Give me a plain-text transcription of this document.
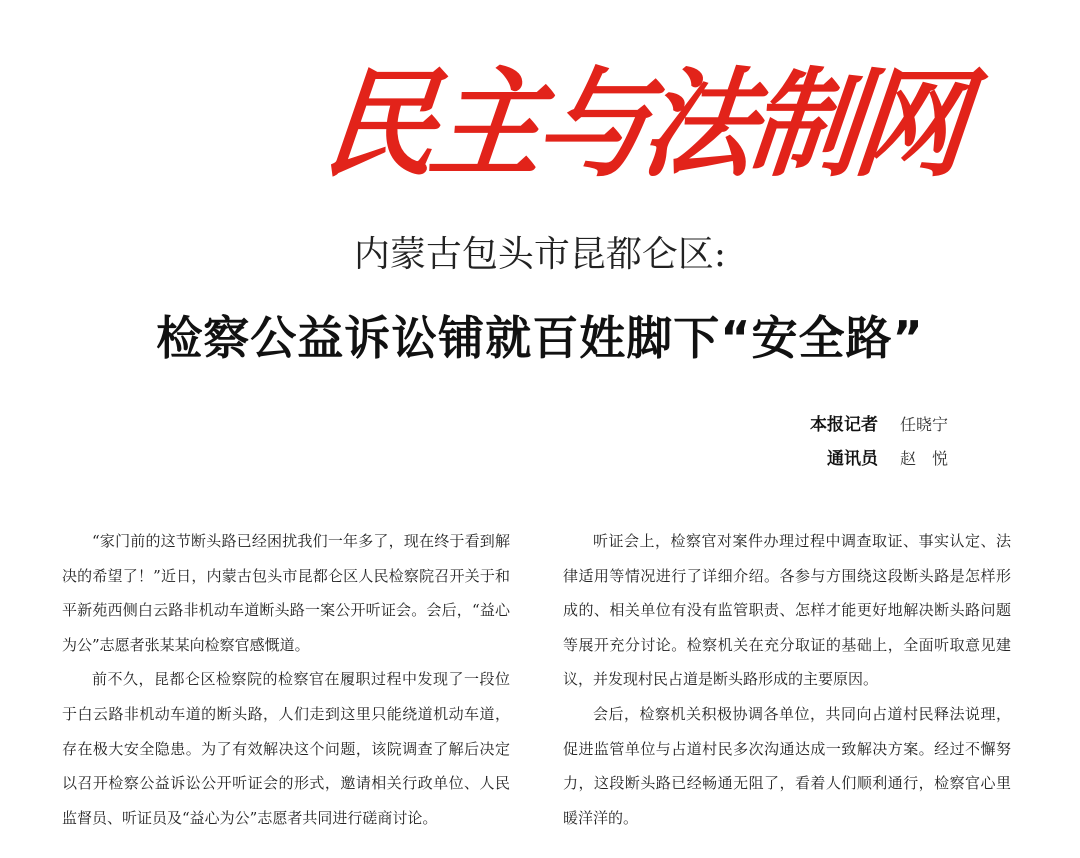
民主与法制网
内蒙古包头市昆都仑区:
检察公益诉讼铺就百姓脚下“安全路”
本报记者 任晓宁
通讯员 赵　悦

“家门前的这节断头路已经困扰我们一年多了，现在终于看到解决的希望了！”近日，内蒙古包头市昆都仑区人民检察院召开关于和平新苑西侧白云路非机动车道断头路一案公开听证会。会后，“益心为公”志愿者张某某向检察官感慨道。

前不久，昆都仑区检察院的检察官在履职过程中发现了一段位于白云路非机动车道的断头路，人们走到这里只能绕道机动车道，存在极大安全隐患。为了有效解决这个问题，该院调查了解后决定以召开检察公益诉讼公开听证会的形式，邀请相关行政单位、人民监督员、听证员及“益心为公”志愿者共同进行磋商讨论。

听证会上，检察官对案件办理过程中调查取证、事实认定、法律适用等情况进行了详细介绍。各参与方围绕这段断头路是怎样形成的、相关单位有没有监管职责、怎样才能更好地解决断头路问题等展开充分讨论。检察机关在充分取证的基础上，全面听取意见建议，并发现村民占道是断头路形成的主要原因。

会后，检察机关积极协调各单位，共同向占道村民释法说理，促进监管单位与占道村民多次沟通达成一致解决方案。经过不懈努力，这段断头路已经畅通无阻了，看着人们顺利通行，检察官心里暖洋洋的。
